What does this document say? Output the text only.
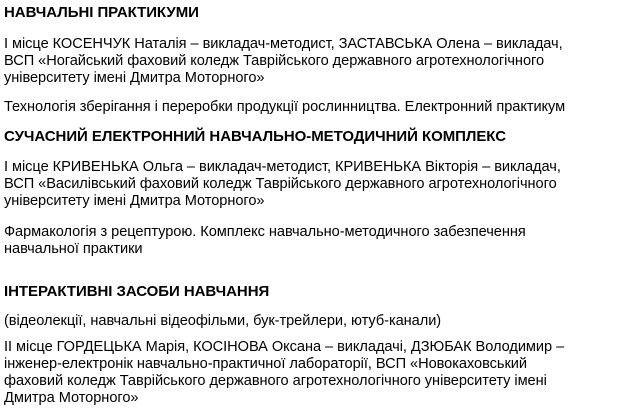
НАВЧАЛЬНІ ПРАКТИКУМИ
І місце КОСЕНЧУК Наталія – викладач-методист, ЗАСТАВСЬКА Олена – викладач,
ВСП «Ногайський фаховий коледж Таврійського державного агротехнологічного
університету імені Дмитра Моторного»
Технологія зберігання і переробки продукції рослинництва. Електронний практикум
СУЧАСНИЙ ЕЛЕКТРОННИЙ НАВЧАЛЬНО-МЕТОДИЧНИЙ КОМПЛЕКС
І місце КРИВЕНЬКА Ольга – викладач-методист, КРИВЕНЬКА Вікторія – викладач,
ВСП «Василівський фаховий коледж Таврійського державного агротехнологічного
університету імені Дмитра Моторного»
Фармакологія з рецептурою. Комплекс навчально-методичного забезпечення
навчальної практики
ІНТЕРАКТИВНІ ЗАСОБИ НАВЧАННЯ
(відеолекції, навчальні відеофільми, бук-трейлери, ютуб-канали)
ІІ місце ГОРДЕЦЬКА Марія, КОСІНОВА Оксана – викладачі, ДЗЮБАК Володимир –
інженер-електронік навчально-практичної лабораторії, ВСП «Новокаховський
фаховий коледж Таврійського державного агротехнологічного університету імені
Дмитра Моторного»
